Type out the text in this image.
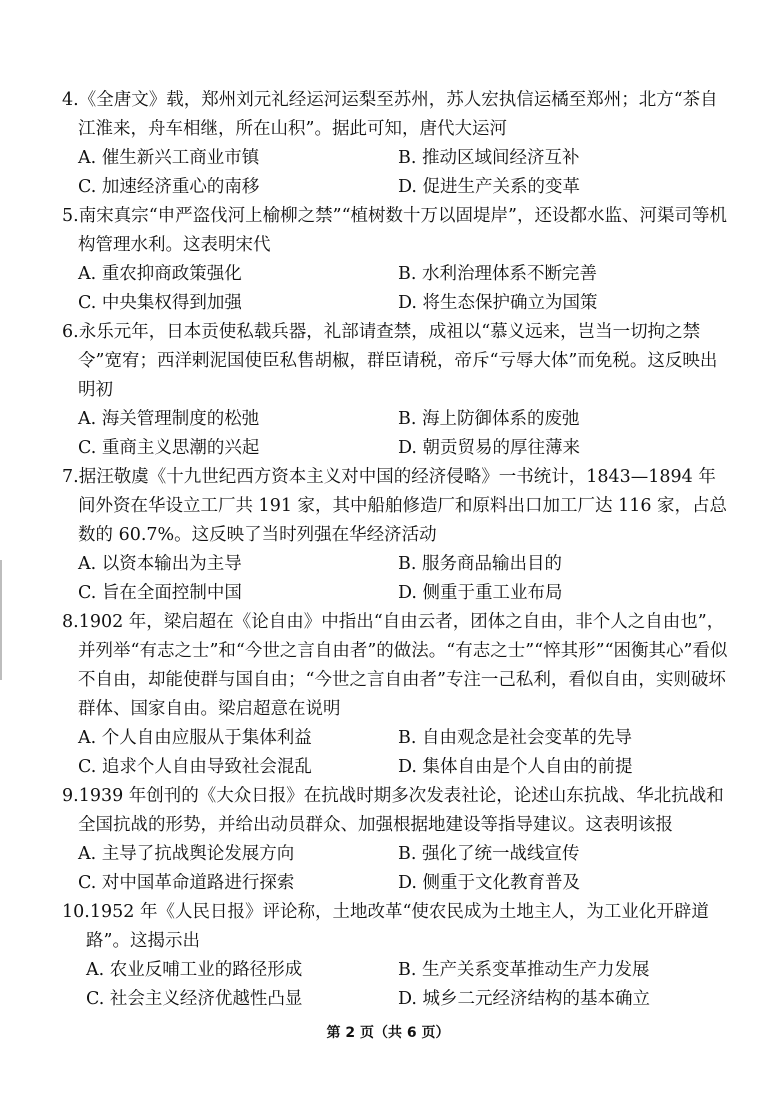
4.《全唐文》载，郑州刘元礼经运河运梨至苏州，苏人宏执信运橘至郑州；北方“茶自江淮来，舟车相继，所在山积”。据此可知，唐代大运河

A. 催生新兴工商业市镇	B. 推动区域间经济互补
C. 加速经济重心的南移	D. 促进生产关系的变革

5.南宋真宗“申严盗伐河上榆柳之禁”“植树数十万以固堤岸”，还设都水监、河渠司等机构管理水利。这表明宋代

A. 重农抑商政策强化	B. 水利治理体系不断完善
C. 中央集权得到加强	D. 将生态保护确立为国策

6.永乐元年，日本贡使私载兵器，礼部请查禁，成祖以“慕义远来，岂当一切拘之禁令”宽宥；西洋剌泥国使臣私售胡椒，群臣请税，帝斥“亏辱大体”而免税。这反映出明初

A. 海关管理制度的松弛	B. 海上防御体系的废弛
C. 重商主义思潮的兴起	D. 朝贡贸易的厚往薄来

7.据汪敬虞《十九世纪西方资本主义对中国的经济侵略》一书统计，1843—1894 年间外资在华设立工厂共 191 家，其中船舶修造厂和原料出口加工厂达 116 家，占总数的 60.7%。这反映了当时列强在华经济活动

A. 以资本输出为主导	B. 服务商品输出目的
C. 旨在全面控制中国	D. 侧重于重工业布局

8.1902 年，梁启超在《论自由》中指出“自由云者，团体之自由，非个人之自由也”，并列举“有志之士”和“今世之言自由者”的做法。“有志之士”“悴其形”“困衡其心”看似不自由，却能使群与国自由；“今世之言自由者”专注一己私利，看似自由，实则破坏群体、国家自由。梁启超意在说明

A. 个人自由应服从于集体利益	B. 自由观念是社会变革的先导
C. 追求个人自由导致社会混乱	D. 集体自由是个人自由的前提

9.1939 年创刊的《大众日报》在抗战时期多次发表社论，论述山东抗战、华北抗战和全国抗战的形势，并给出动员群众、加强根据地建设等指导建议。这表明该报

A. 主导了抗战舆论发展方向	B. 强化了统一战线宣传
C. 对中国革命道路进行探索	D. 侧重于文化教育普及

10.1952 年《人民日报》评论称，土地改革“使农民成为土地主人，为工业化开辟道路”。这揭示出

A. 农业反哺工业的路径形成	B. 生产关系变革推动生产力发展
C. 社会主义经济优越性凸显	D. 城乡二元经济结构的基本确立
第 2 页（共 6 页）
